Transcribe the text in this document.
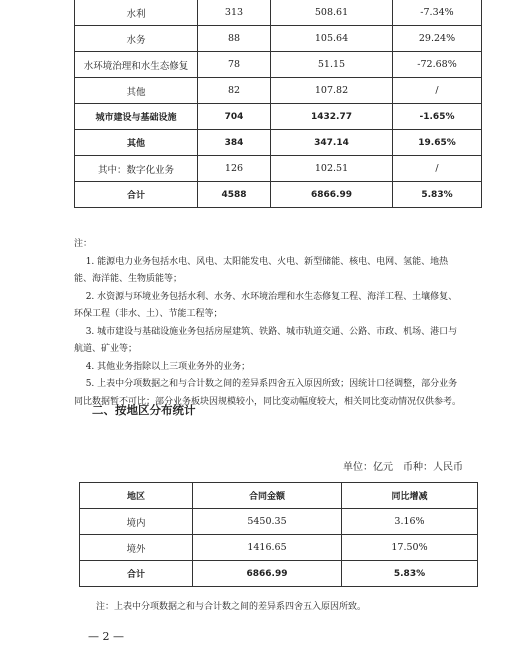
水利	313	508.61	-7.34%
水务	88	105.64	29.24%
水环境治理和水生态修复	78	51.15	-72.68%
其他	82	107.82	/
城市建设与基础设施	704	1432.77	-1.65%
其他	384	347.14	19.65%
其中：数字化业务	126	102.51	/
合计	4588	6866.99	5.83%

注：

1. 能源电力业务包括水电、风电、太阳能发电、火电、新型储能、核电、电网、氢能、地热能、海洋能、生物质能等；

2. 水资源与环境业务包括水利、水务、水环境治理和水生态修复工程、海洋工程、土壤修复、环保工程（非水、土）、节能工程等；

3. 城市建设与基础设施业务包括房屋建筑、铁路、城市轨道交通、公路、市政、机场、港口与航道、矿业等；

4. 其他业务指除以上三项业务外的业务；

5. 上表中分项数据之和与合计数之间的差异系四舍五入原因所致；因统计口径调整，部分业务同比数据暂不可比；部分业务板块因规模较小，同比变动幅度较大，相关同比变动情况仅供参考。

二、按地区分布统计
单位：亿元　币种：人民币
地区	合同金额	同比增减
境内	5450.35	3.16%
境外	1416.65	17.50%
合计	6866.99	5.83%
注：上表中分项数据之和与合计数之间的差异系四舍五入原因所致。
— 2 —
